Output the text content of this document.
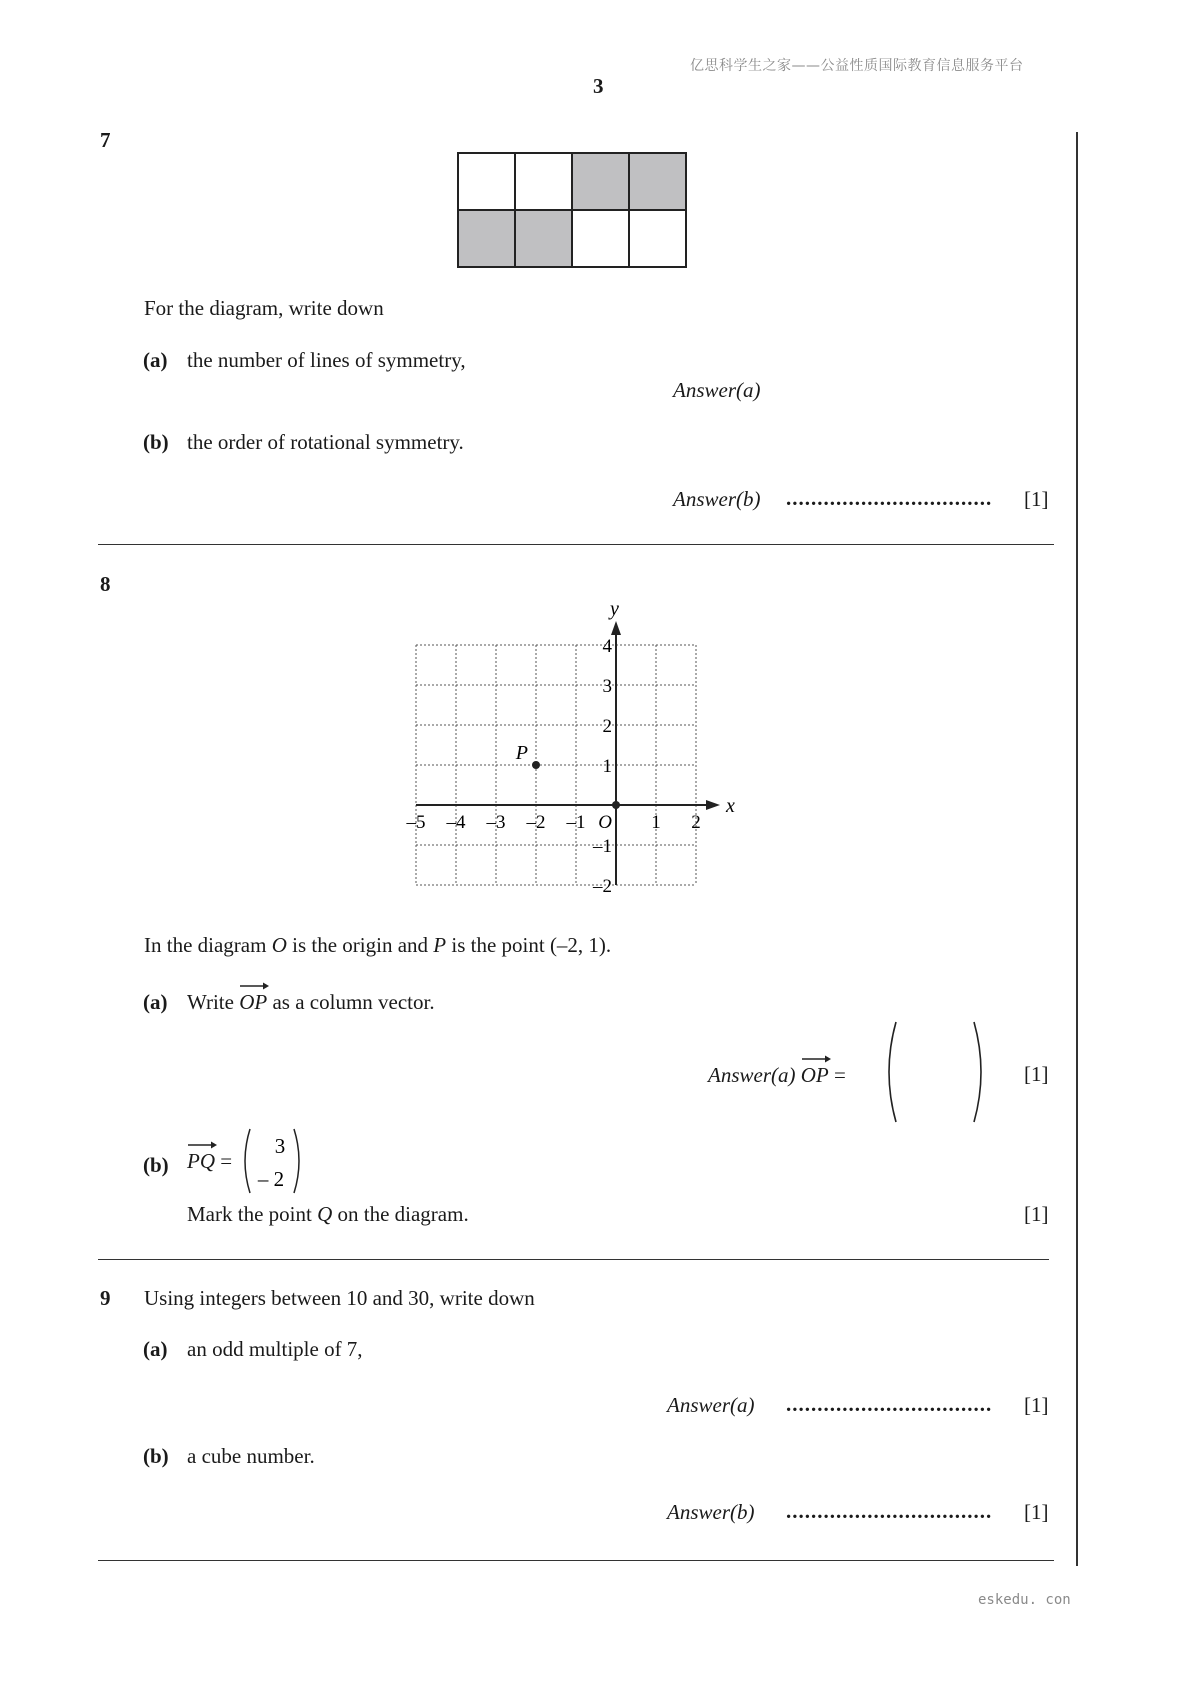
亿思科学生之家——公益性质国际教育信息服务平台
3
eskedu. con
7
For the diagram, write down
(a) the number of lines of symmetry,
Answer(a)
(b) the order of rotational symmetry.
Answer(b) ................................. [1]
8
x
y
–5 –4 –3 –2 –1	1 2
4
3
2
1
–1
–2
O
P
In the diagram O is the origin and P is the point (–2, 1).
(a) Write OP as a column vector.
Answer(a) OP =	[1]
(b) PQ =
3
– 2
Mark the point Q on the diagram.	[1]
9 Using integers between 10 and 30, write down
(a) an odd multiple of 7,
Answer(a) ................................. [1]
(b) a cube number.
Answer(b) ................................. [1]
